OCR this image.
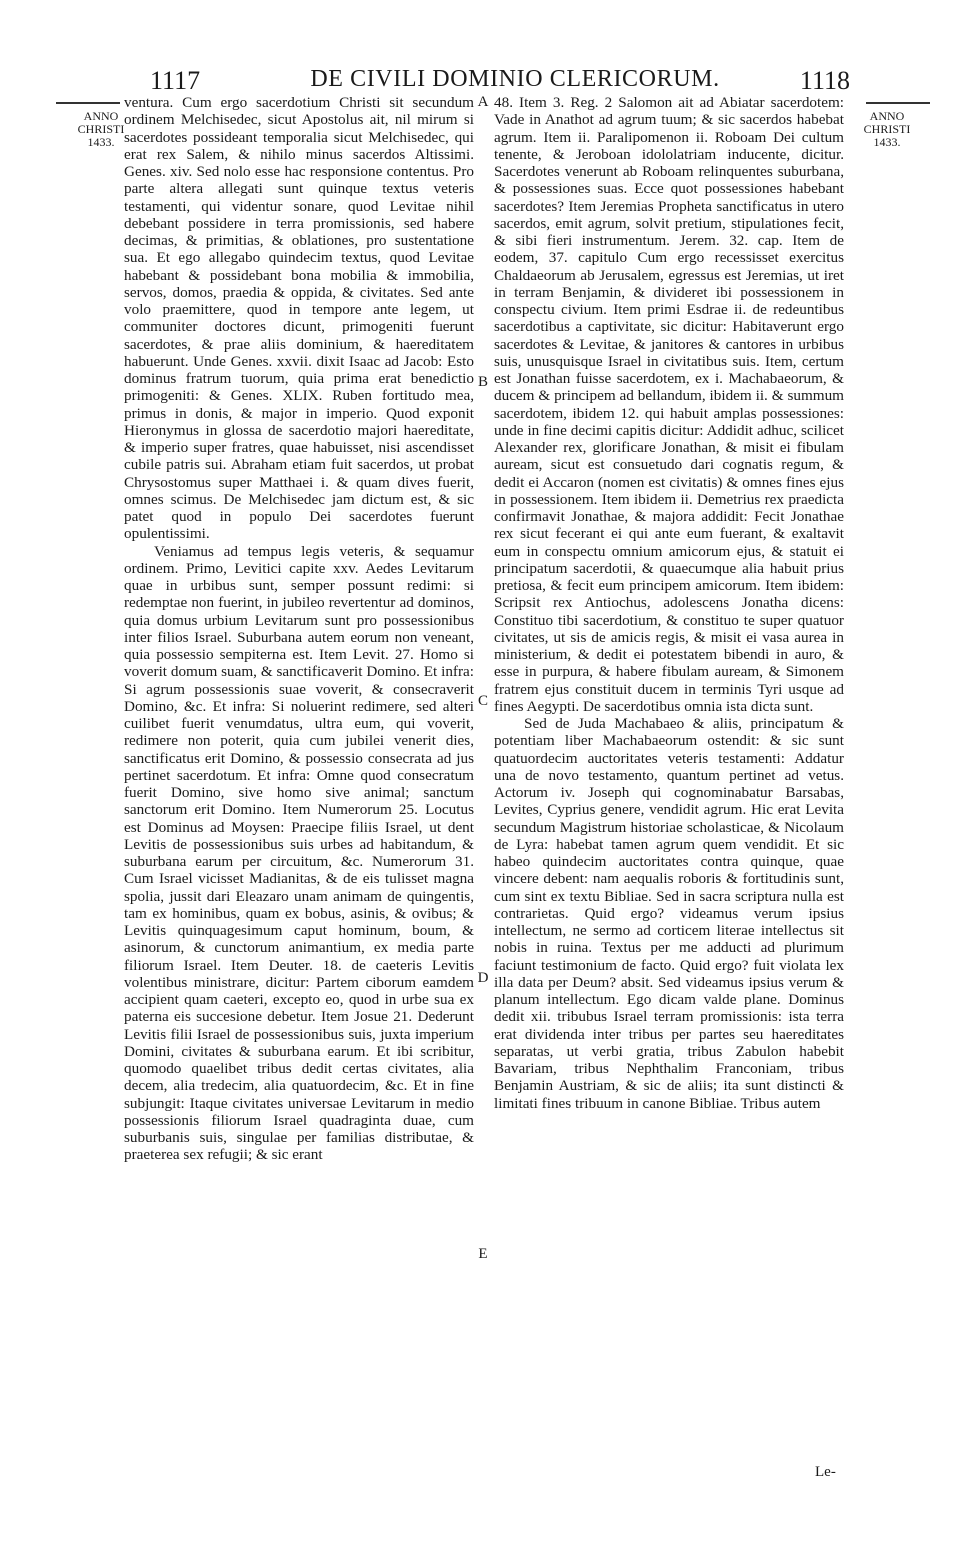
1117	DE CIVILI DOMINIO CLERICORUM.	1118
ANNO
CHRISTI
1433.
ANNO
CHRISTI
1433.

ventura. Cum ergo sacerdotium Christi sit secundum ordinem Melchisedec, sicut Apostolus ait, nil mirum si sacerdotes possideant temporalia sicut Melchisedec, qui erat rex Salem, & nihilo minus sacerdos Altissimi. Genes. xiv. Sed nolo esse hac responsione contentus. Pro parte altera allegati sunt quinque textus veteris testamenti, qui videntur sonare, quod Levitae nihil debebant possidere in terra promissionis, sed habere decimas, & primitias, & oblationes, pro sustentatione sua. Et ego allegabo quindecim textus, quod Levitae habebant & possidebant bona mobilia & immobilia, servos, domos, praedia & oppida, & civitates. Sed ante volo praemittere, quod in tempore ante legem, ut communiter doctores dicunt, primogeniti fuerunt sacerdotes, & prae aliis dominium, & haereditatem habuerunt. Unde Genes. xxvii. dixit Isaac ad Jacob: Esto dominus fratrum tuorum, quia prima erat benedictio primogeniti: & Genes. XLIX. Ruben fortitudo mea, primus in donis, & major in imperio. Quod exponit Hieronymus in glossa de sacerdotio majori haereditate, & imperio super fratres, quae habuisset, nisi ascendisset cubile patris sui. Abraham etiam fuit sacerdos, ut probat Chrysostomus super Matthaei i. & quam dives fuerit, omnes scimus. De Melchisedec jam dictum est, & sic patet quod in populo Dei sacerdotes fuerunt opulentissimi.

Veniamus ad tempus legis veteris, & sequamur ordinem. Primo, Levitici capite xxv. Aedes Levitarum quae in urbibus sunt, semper possunt redimi: si redemptae non fuerint, in jubileo revertentur ad dominos, quia domus urbium Levitarum sunt pro possessionibus inter filios Israel. Suburbana autem eorum non veneant, quia possessio sempiterna est. Item Levit. 27. Homo si voverit domum suam, & sanctificaverit Domino. Et infra: Si agrum possessionis suae voverit, & consecraverit Domino, &c. Et infra: Si noluerint redimere, sed alteri cuilibet fuerit venumdatus, ultra eum, qui voverit, redimere non poterit, quia cum jubilei venerit dies, sanctificatus erit Domino, & possessio consecrata ad jus pertinet sacerdotum. Et infra: Omne quod consecratum fuerit Domino, sive homo sive animal; sanctum sanctorum erit Domino. Item Numerorum 25. Locutus est Dominus ad Moysen: Praecipe filiis Israel, ut dent Levitis de possessionibus suis urbes ad habitandum, & suburbana earum per circuitum, &c. Numerorum 31. Cum Israel vicisset Madianitas, & de eis tulisset magna spolia, jussit dari Eleazaro unam animam de quingentis, tam ex hominibus, quam ex bobus, asinis, & ovibus; & Levitis quinquagesimum caput hominum, boum, & asinorum, & cunctorum animantium, ex media parte filiorum Israel. Item Deuter. 18. de caeteris Levitis volentibus ministrare, dicitur: Partem ciborum eamdem accipient quam caeteri, excepto eo, quod in urbe sua ex paterna eis succesione debetur. Item Josue 21. Dederunt Levitis filii Israel de possessionibus suis, juxta imperium Domini, civitates & suburbana earum. Et ibi scribitur, quomodo quaelibet tribus dedit certas civitates, alia decem, alia tredecim, alia quatuordecim, &c. Et in fine subjungit: Itaque civitates universae Levitarum in medio possessionis filiorum Israel quadraginta duae, cum suburbanis suis, singulae per familias distributae, & praeterea sex refugii; & sic erant

A
B
C
D
E

48. Item 3. Reg. 2 Salomon ait ad Abiatar sacerdotem: Vade in Anathot ad agrum tuum; & sic sacerdos habebat agrum. Item ii. Paralipomenon ii. Roboam Dei cultum tenente, & Jeroboan idololatriam inducente, dicitur. Sacerdotes venerunt ab Roboam relinquentes suburbana, & possessiones suas. Ecce quot possessiones habebant sacerdotes? Item Jeremias Propheta sanctificatus in utero sacerdos, emit agrum, solvit pretium, stipulationes fecit, & sibi fieri instrumentum. Jerem. 32. cap. Item de eodem, 37. capitulo Cum ergo recessisset exercitus Chaldaeorum ab Jerusalem, egressus est Jeremias, ut iret in terram Benjamin, & divideret ibi possessionem in conspectu civium. Item primi Esdrae ii. de redeuntibus sacerdotibus a captivitate, sic dicitur: Habitaverunt ergo sacerdotes & Levitae, & janitores & cantores in urbibus suis, unusquisque Israel in civitatibus suis. Item, certum est Jonathan fuisse sacerdotem, ex i. Machabaeorum, & ducem & principem ad bellandum, ibidem ii. & summum sacerdotem, ibidem 12. qui habuit amplas possessiones: unde in fine decimi capitis dicitur: Addidit adhuc, scilicet Alexander rex, glorificare Jonathan, & misit ei fibulam auream, sicut est consuetudo dari cognatis regum, & dedit ei Accaron (nomen est civitatis) & omnes fines ejus in possessionem. Item ibidem ii. Demetrius rex praedicta confirmavit Jonathae, & majora addidit: Fecit Jonathae rex sicut fecerant ei qui ante eum fuerant, & exaltavit eum in conspectu omnium amicorum ejus, & statuit ei principatum sacerdotii, & quaecumque alia habuit prius pretiosa, & fecit eum principem amicorum. Item ibidem: Scripsit rex Antiochus, adolescens Jonatha dicens: Constituo tibi sacerdotium, & constituo te super quatuor civitates, ut sis de amicis regis, & misit ei vasa aurea in ministerium, & dedit ei potestatem bibendi in auro, & esse in purpura, & habere fibulam auream, & Simonem fratrem ejus constituit ducem in terminis Tyri usque ad fines Aegypti. De sacerdotibus omnia ista dicta sunt.

Sed de Juda Machabaeo & aliis, principatum & potentiam liber Machabaeorum ostendit: & sic sunt quatuordecim auctoritates veteris testamenti: Addatur una de novo testamento, quantum pertinet ad vetus. Actorum iv. Joseph qui cognominabatur Barsabas, Levites, Cyprius genere, vendidit agrum. Hic erat Levita secundum Magistrum historiae scholasticae, & Nicolaum de Lyra: habebat tamen agrum quem vendidit. Et sic habeo quindecim auctoritates contra quinque, quae vincere debent: nam aequalis roboris & fortitudinis sunt, cum sint ex textu Bibliae. Sed in sacra scriptura nulla est contrarietas. Quid ergo? videamus verum ipsius intellectum, ne sermo ad corticem literae intellectus sit nobis in ruina. Textus per me adducti ad plurimum faciunt testimonium de facto. Quid ergo? fuit violata lex illa data per Deum? absit. Sed videamus ipsius verum & planum intellectum. Ego dicam valde plane. Dominus dedit xii. tribubus Israel terram promissionis: ista terra erat dividenda inter tribus per partes seu haereditates separatas, ut verbi gratia, tribus Zabulon habebit Bavariam, tribus Nephthalim Franconiam, tribus Benjamin Austriam, & sic de aliis; ita sunt distincti & limitati fines tribuum in canone Bibliae. Tribus autem

Le-
